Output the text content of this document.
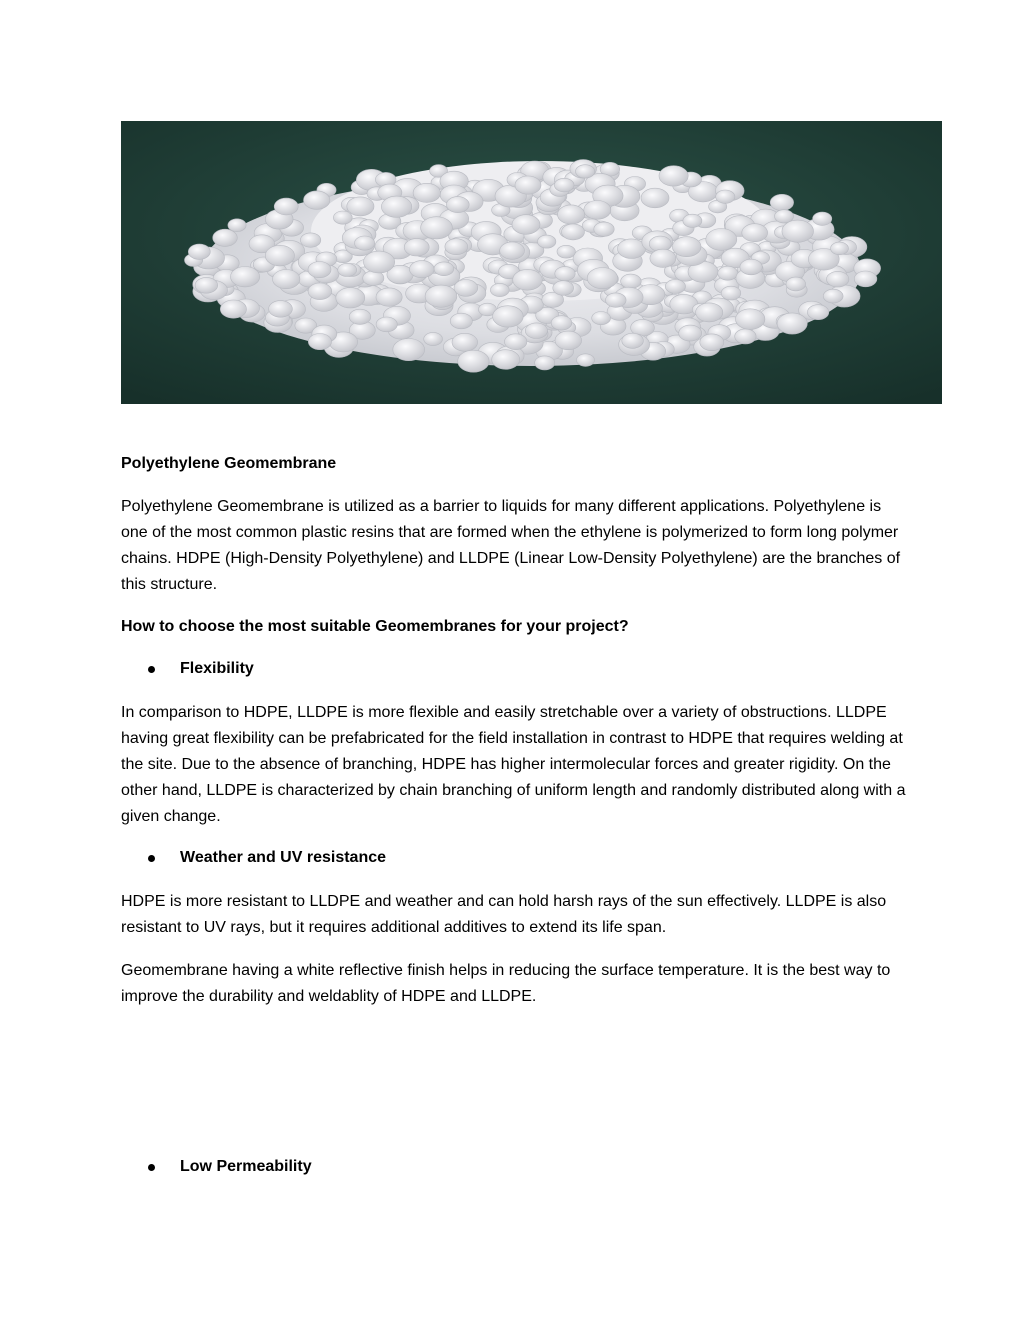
Polyethylene Geomembrane

Polyethylene Geomembrane is utilized as a barrier to liquids for many different applications. Polyethylene is one of the most common plastic resins that are formed when the ethylene is polymerized to form long polymer chains. HDPE (High-Density Polyethylene) and LLDPE (Linear Low-Density Polyethylene) are the branches of this structure.

How to choose the most suitable Geomembranes for your project?

Flexibility

In comparison to HDPE, LLDPE is more flexible and easily stretchable over a variety of obstructions. LLDPE having great flexibility can be prefabricated for the field installation in contrast to HDPE that requires welding at the site. Due to the absence of branching, HDPE has higher intermolecular forces and greater rigidity. On the other hand, LLDPE is characterized by chain branching of uniform length and randomly distributed along with a given change.

Weather and UV resistance

HDPE is more resistant to LLDPE and weather and can hold harsh rays of the sun effectively. LLDPE is also resistant to UV rays, but it requires additional additives to extend its life span.

Geomembrane having a white reflective finish helps in reducing the surface temperature. It is the best way to improve the durability and weldablity of HDPE and LLDPE.

Low Permeability
